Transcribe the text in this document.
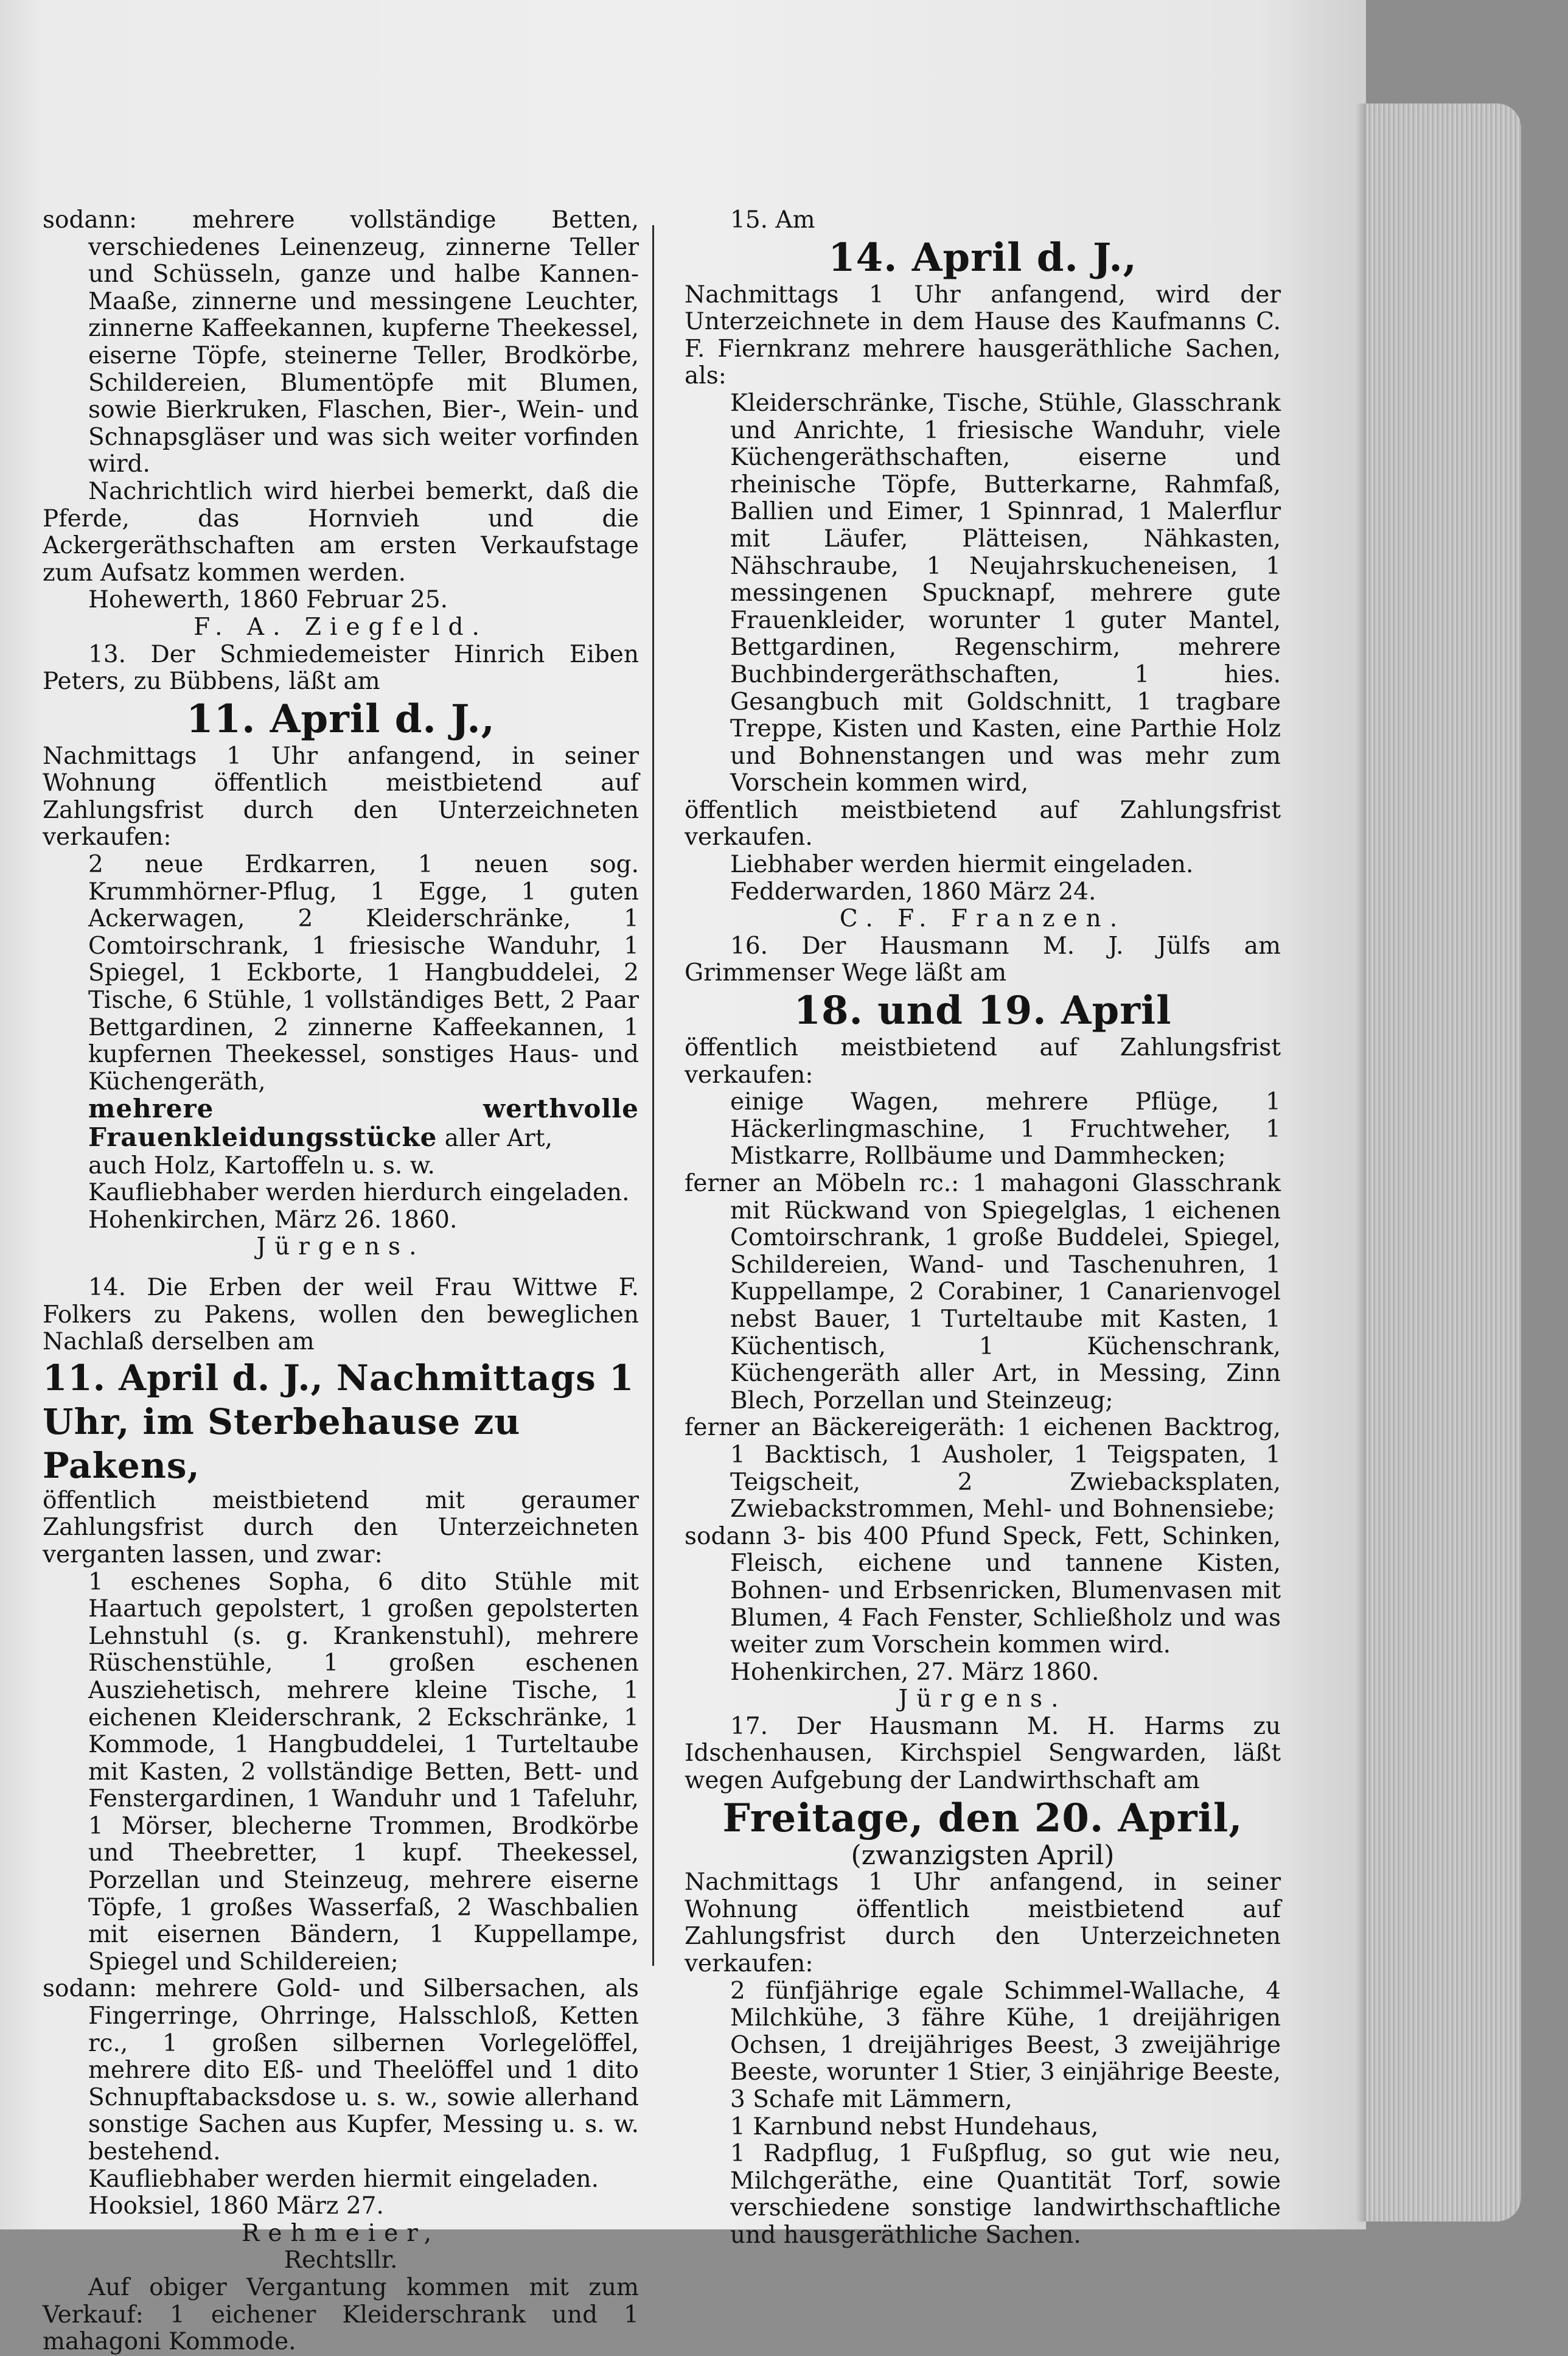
sodann: mehrere vollständige Betten, verschiedenes Leinenzeug, zinnerne Teller und Schüsseln, ganze und halbe Kannen-Maaße, zinnerne und messingene Leuchter, zinnerne Kaffeekannen, kupferne Theekessel, eiserne Töpfe, steinerne Teller, Brodkörbe, Schildereien, Blumentöpfe mit Blumen, sowie Bierkruken, Flaschen, Bier-, Wein- und Schnapsgläser und was sich weiter vorfinden wird.

Nachrichtlich wird hierbei bemerkt, daß die Pferde, das Hornvieh und die Ackergeräthschaften am ersten Verkaufstage zum Aufsatz kommen werden.

Hohewerth, 1860 Februar 25.

F. A. Ziegfeld.

13. Der Schmiedemeister Hinrich Eiben Peters, zu Bübbens, läßt am

11. April d. J.,

Nachmittags 1 Uhr anfangend, in seiner Wohnung öffentlich meistbietend auf Zahlungsfrist durch den Unterzeichneten verkaufen:

2 neue Erdkarren, 1 neuen sog. Krummhörner-Pflug, 1 Egge, 1 guten Ackerwagen, 2 Kleiderschränke, 1 Comtoirschrank, 1 friesische Wanduhr, 1 Spiegel, 1 Eckborte, 1 Hangbuddelei, 2 Tische, 6 Stühle, 1 vollständiges Bett, 2 Paar Bettgardinen, 2 zinnerne Kaffeekannen, 1 kupfernen Theekessel, sonstiges Haus- und Küchengeräth,

mehrere werthvolle Frauenkleidungsstücke aller Art,

auch Holz, Kartoffeln u. s. w.

Kaufliebhaber werden hierdurch eingeladen.

Hohenkirchen, März 26. 1860.

Jürgens.

14. Die Erben der weil Frau Wittwe F. Folkers zu Pakens, wollen den beweglichen Nachlaß derselben am

11. April d. J., Nachmittags 1 Uhr, im Sterbehause zu Pakens,

öffentlich meistbietend mit geraumer Zahlungsfrist durch den Unterzeichneten verganten lassen, und zwar:

1 eschenes Sopha, 6 dito Stühle mit Haartuch gepolstert, 1 großen gepolsterten Lehnstuhl (s. g. Krankenstuhl), mehrere Rüschenstühle, 1 großen eschenen Ausziehetisch, mehrere kleine Tische, 1 eichenen Kleiderschrank, 2 Eckschränke, 1 Kommode, 1 Hangbuddelei, 1 Turteltaube mit Kasten, 2 vollständige Betten, Bett- und Fenstergardinen, 1 Wanduhr und 1 Tafeluhr, 1 Mörser, blecherne Trommen, Brodkörbe und Theebretter, 1 kupf. Theekessel, Porzellan und Steinzeug, mehrere eiserne Töpfe, 1 großes Wasserfaß, 2 Waschbalien mit eisernen Bändern, 1 Kuppellampe, Spiegel und Schildereien;

sodann: mehrere Gold- und Silbersachen, als Fingerringe, Ohrringe, Halsschloß, Ketten rc., 1 großen silbernen Vorlegelöffel, mehrere dito Eß- und Theelöffel und 1 dito Schnupftabacksdose u. s. w., sowie allerhand sonstige Sachen aus Kupfer, Messing u. s. w. bestehend.

Kaufliebhaber werden hiermit eingeladen.

Hooksiel, 1860 März 27.

Rehmeier,

Rechtsllr.

Auf obiger Vergantung kommen mit zum Verkauf: 1 eichener Kleiderschrank und 1 mahagoni Kommode.

15. Am

14. April d. J.,

Nachmittags 1 Uhr anfangend, wird der Unterzeichnete in dem Hause des Kaufmanns C. F. Fiernkranz mehrere hausgeräthliche Sachen, als:

Kleiderschränke, Tische, Stühle, Glasschrank und Anrichte, 1 friesische Wanduhr, viele Küchengeräthschaften, eiserne und rheinische Töpfe, Butterkarne, Rahmfaß, Ballien und Eimer, 1 Spinnrad, 1 Malerflur mit Läufer, Plätteisen, Nähkasten, Nähschraube, 1 Neujahrskucheneisen, 1 messingenen Spucknapf, mehrere gute Frauenkleider, worunter 1 guter Mantel, Bettgardinen, Regenschirm, mehrere Buchbindergeräthschaften, 1 hies. Gesangbuch mit Goldschnitt, 1 tragbare Treppe, Kisten und Kasten, eine Parthie Holz und Bohnenstangen und was mehr zum Vorschein kommen wird,

öffentlich meistbietend auf Zahlungsfrist verkaufen.

Liebhaber werden hiermit eingeladen.

Fedderwarden, 1860 März 24.

C. F. Franzen.

16. Der Hausmann M. J. Jülfs am Grimmenser Wege läßt am

18. und 19. April

öffentlich meistbietend auf Zahlungsfrist verkaufen:

einige Wagen, mehrere Pflüge, 1 Häckerlingmaschine, 1 Fruchtweher, 1 Mistkarre, Rollbäume und Dammhecken;

ferner an Möbeln rc.: 1 mahagoni Glasschrank mit Rückwand von Spiegelglas, 1 eichenen Comtoirschrank, 1 große Buddelei, Spiegel, Schildereien, Wand- und Taschenuhren, 1 Kuppellampe, 2 Corabiner, 1 Canarienvogel nebst Bauer, 1 Turteltaube mit Kasten, 1 Küchentisch, 1 Küchenschrank, Küchengeräth aller Art, in Messing, Zinn Blech, Porzellan und Steinzeug;

ferner an Bäckereigeräth: 1 eichenen Backtrog, 1 Backtisch, 1 Ausholer, 1 Teigspaten, 1 Teigscheit, 2 Zwiebacksplaten, Zwiebackstrommen, Mehl- und Bohnensiebe;

sodann 3- bis 400 Pfund Speck, Fett, Schinken, Fleisch, eichene und tannene Kisten, Bohnen- und Erbsenricken, Blumenvasen mit Blumen, 4 Fach Fenster, Schließholz und was weiter zum Vorschein kommen wird.

Hohenkirchen, 27. März 1860.

Jürgens.

17. Der Hausmann M. H. Harms zu Idschenhausen, Kirchspiel Sengwarden, läßt wegen Aufgebung der Landwirthschaft am

Freitage, den 20. April,

(zwanzigsten April)

Nachmittags 1 Uhr anfangend, in seiner Wohnung öffentlich meistbietend auf Zahlungsfrist durch den Unterzeichneten verkaufen:

2 fünfjährige egale Schimmel-Wallache, 4 Milchkühe, 3 fähre Kühe, 1 dreijährigen Ochsen, 1 dreijähriges Beest, 3 zweijährige Beeste, worunter 1 Stier, 3 einjährige Beeste, 3 Schafe mit Lämmern,

1 Karnbund nebst Hundehaus,

1 Radpflug, 1 Fußpflug, so gut wie neu, Milchgeräthe, eine Quantität Torf, sowie verschiedene sonstige landwirthschaftliche und hausgeräthliche Sachen.
